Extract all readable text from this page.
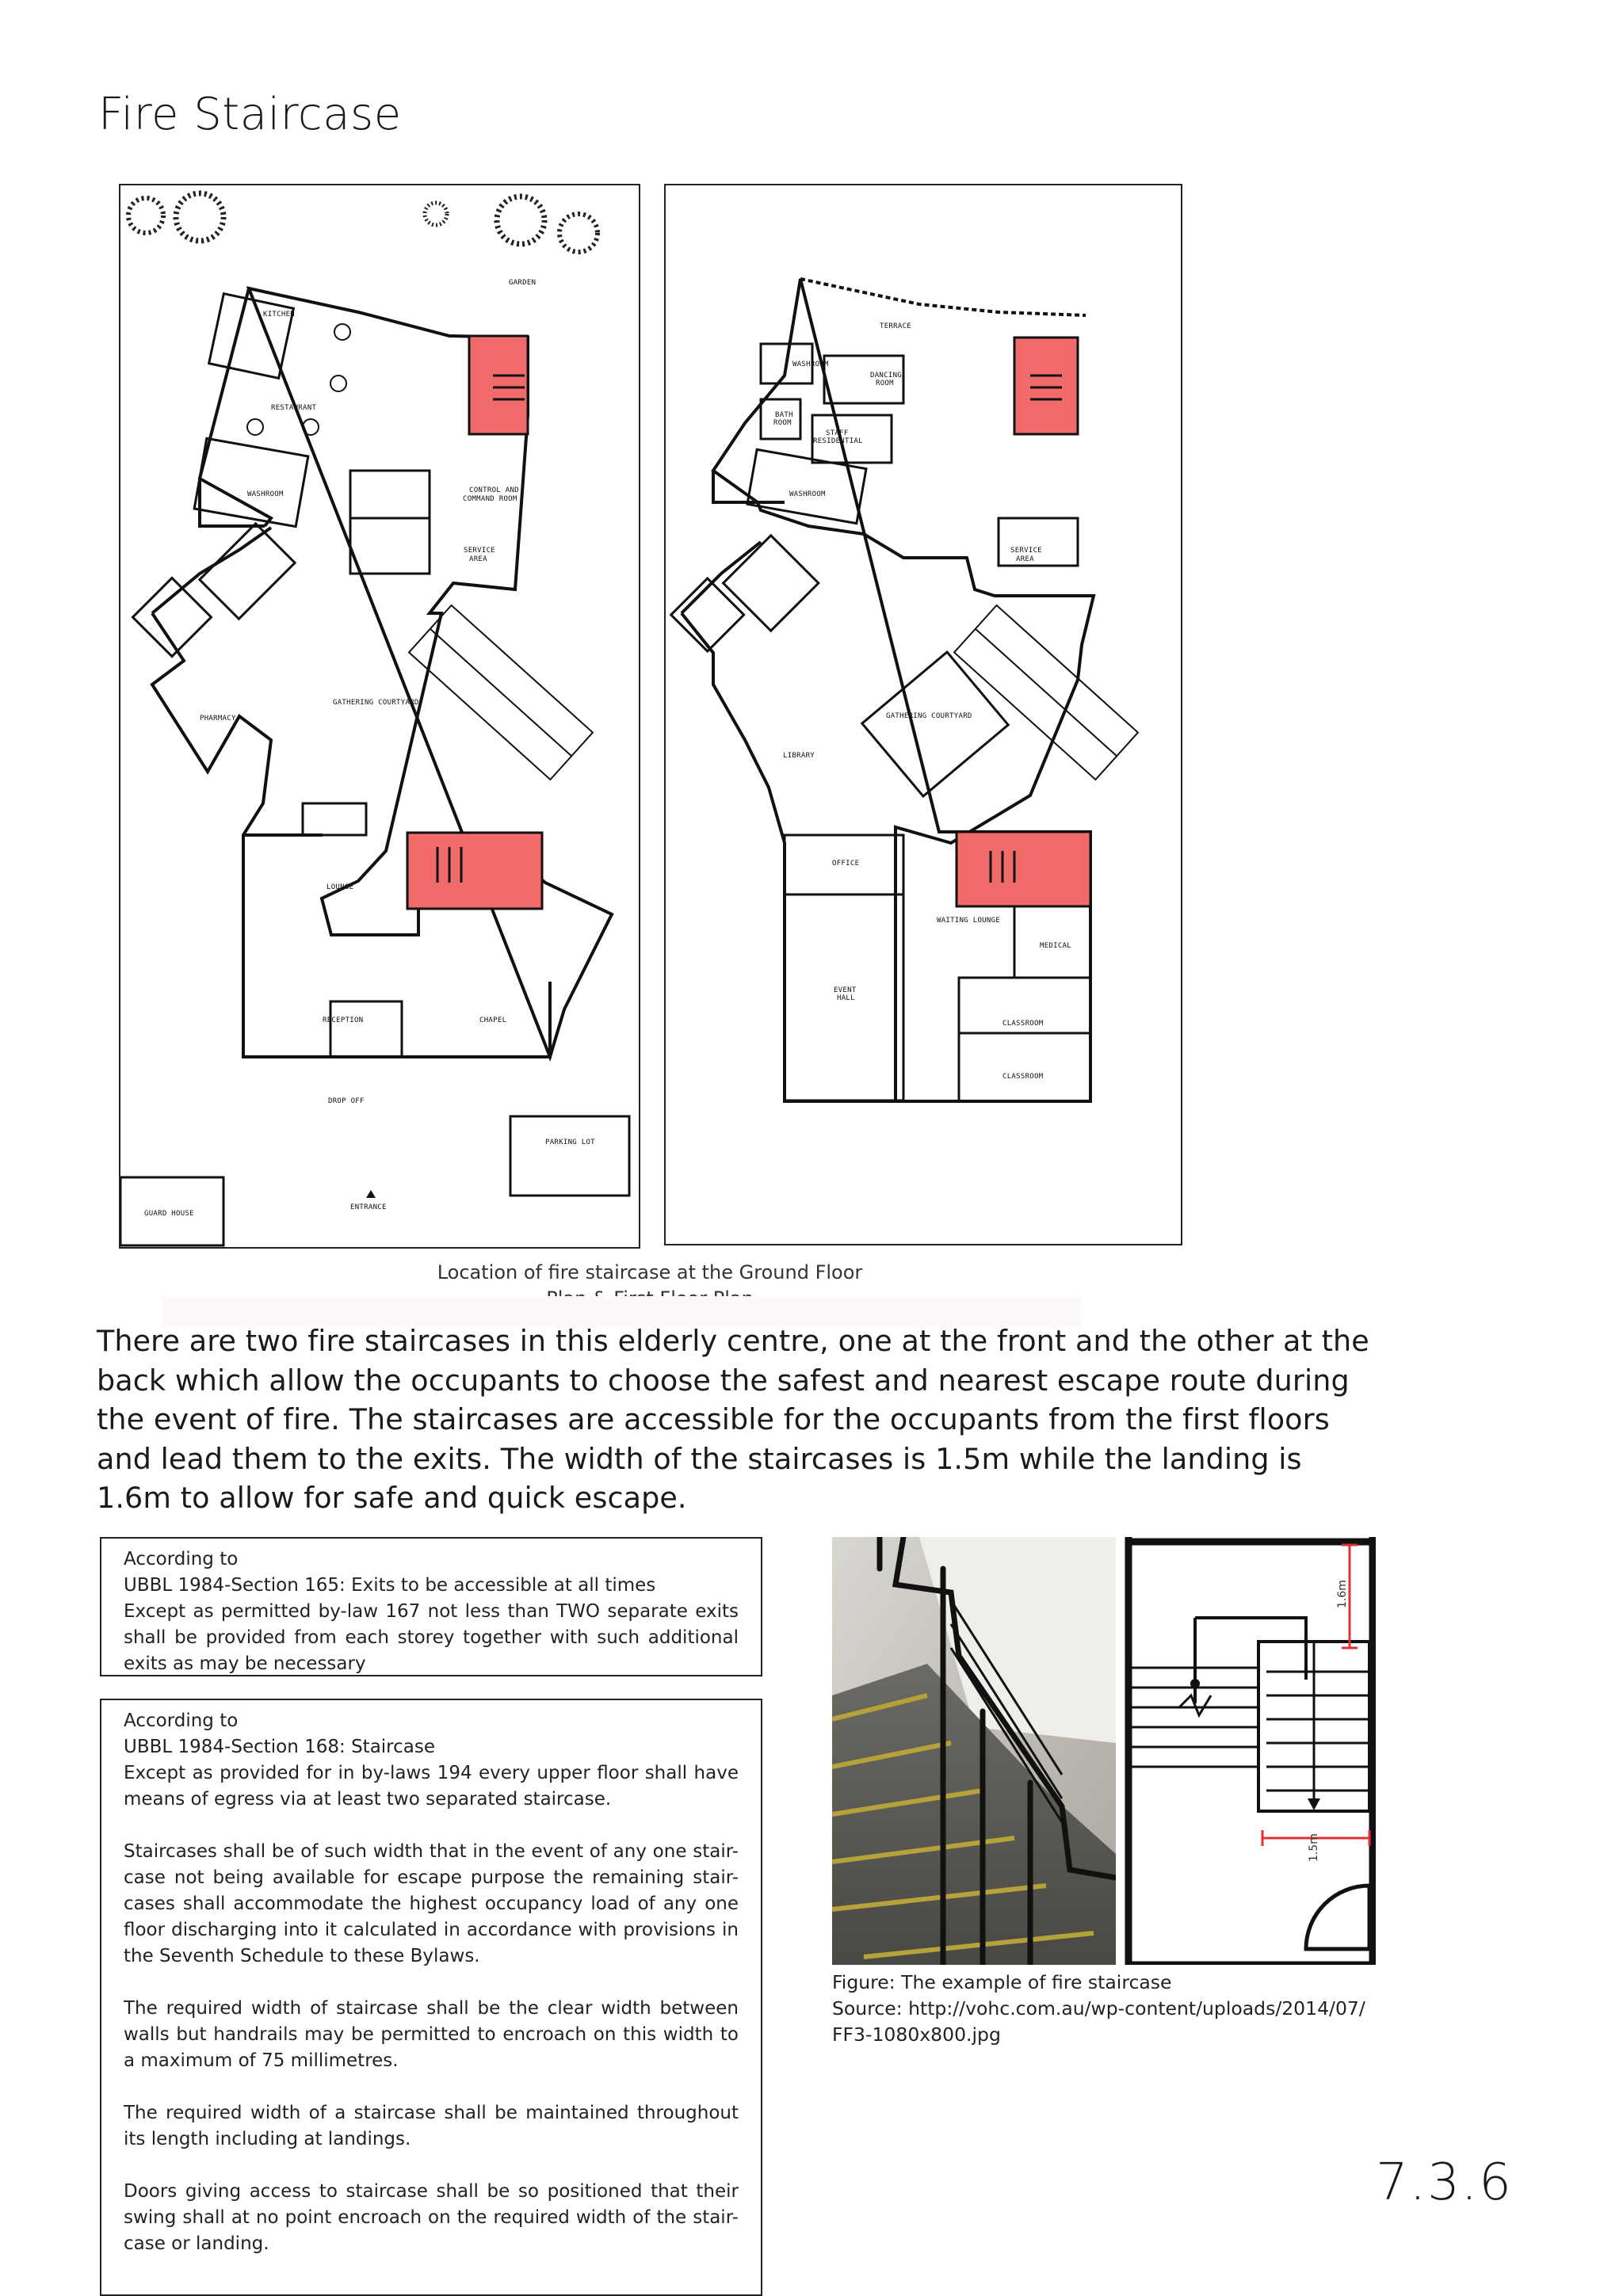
Fire Staircase
GARDEN
KITCHEN
RESTAURANT
WASHROOM	CONTROL AND
COMMAND ROOM
SERVICE
AREA
PHARMACY
GATHERING COURTYARD
LOUNGE
RECEPTION	CHAPEL
DROP OFF
PARKING LOT
GUARD HOUSE
ENTRANCE
TERRACE
WASHROOM
DANCING
ROOM
BATH
ROOM
STAFF
RESIDENTIAL
WASHROOM
SERVICE
AREA
GATHERING COURTYARD
LIBRARY
OFFICE
WAITING LOUNGE
MEDICAL
EVENT
HALL
CLASSROOM
CLASSROOM
Location of fire staircase at the Ground Floor
There are two fire staircases in this elderly centre, one at the front and the other at the back which allow the occupants to choose the safest and nearest escape route during the event of fire. The staircases are accessible for the occupants from the first floors and lead them to the exits. The width of the staircases is 1.5m while the landing is 1.6m to allow for safe and quick escape.

According to

UBBL 1984-Section 165: Exits to be accessible at all times

Except as permitted by-law 167 not less than TWO separate exits shall be provided from each storey together with such additional exits as may be necessary

According to

UBBL 1984-Section 168: Staircase

Except as provided for in by-laws 194 every upper floor shall have means of egress via at least two separated staircase.

Staircases shall be of such width that in the event of any one stair-case not being available for escape purpose the remaining stair-cases shall accommodate the highest occupancy load of any one floor discharging into it calculated in accordance with provisions in the Seventh Schedule to these Bylaws.

The required width of staircase shall be the clear width between walls but handrails may be permitted to encroach on this width to a maximum of 75 millimetres.

The required width of a staircase shall be maintained throughout its length including at landings.

Doors giving access to staircase shall be so positioned that their swing shall at no point encroach on the required width of the stair-case or landing.

1.6m
1.5m
Figure: The example of fire staircase
Source: http://vohc.com.au/wp-content/uploads/2014/07/
FF3-1080x800.jpg
7.3.6
